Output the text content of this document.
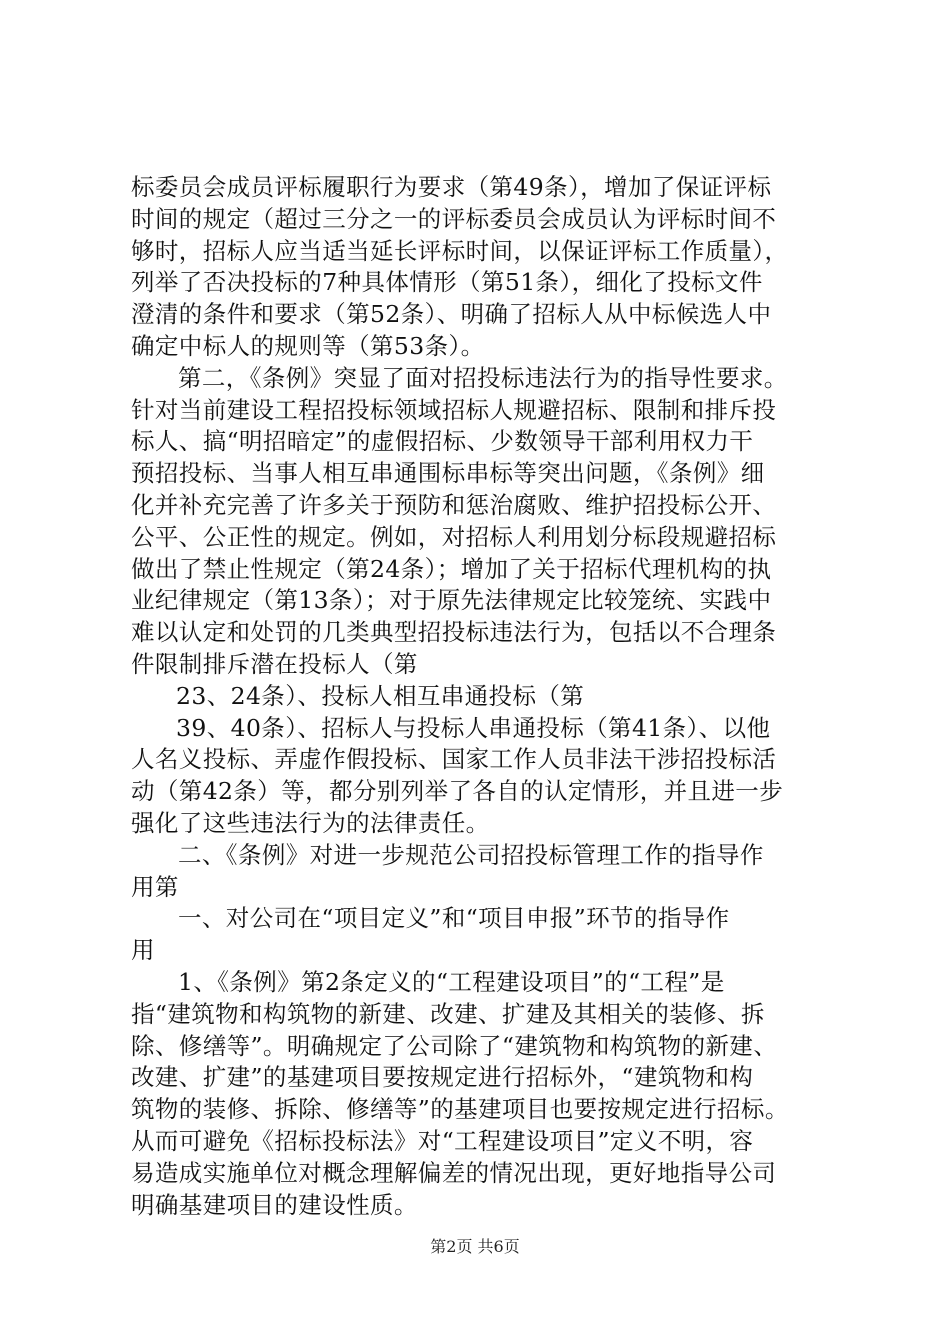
标委员会成员评标履职行为要求（第49条），增加了保证评标
时间的规定（超过三分之一的评标委员会成员认为评标时间不
够时，招标人应当适当延长评标时间，以保证评标工作质量），
列举了否决投标的7种具体情形（第51条），细化了投标文件
澄清的条件和要求（第52条）、明确了招标人从中标候选人中
确定中标人的规则等（第53条）。
第二，《条例》突显了面对招投标违法行为的指导性要求。
针对当前建设工程招投标领域招标人规避招标、限制和排斥投
标人、搞“明招暗定”的虚假招标、少数领导干部利用权力干
预招投标、当事人相互串通围标串标等突出问题，《条例》细
化并补充完善了许多关于预防和惩治腐败、维护招投标公开、
公平、公正性的规定。例如，对招标人利用划分标段规避招标
做出了禁止性规定（第24条）；增加了关于招标代理机构的执
业纪律规定（第13条）；对于原先法律规定比较笼统、实践中
难以认定和处罚的几类典型招投标违法行为，包括以不合理条
件限制排斥潜在投标人（第
23、24条）、投标人相互串通投标（第
39、40条）、招标人与投标人串通投标（第41条）、以他
人名义投标、弄虚作假投标、国家工作人员非法干涉招投标活
动（第42条）等，都分别列举了各自的认定情形，并且进一步
强化了这些违法行为的法律责任。
二、《条例》对进一步规范公司招投标管理工作的指导作
用第
一、对公司在“项目定义”和“项目申报”环节的指导作
用
1、《条例》第2条定义的“工程建设项目”的“工程”是
指“建筑物和构筑物的新建、改建、扩建及其相关的装修、拆
除、修缮等”。明确规定了公司除了“建筑物和构筑物的新建、
改建、扩建”的基建项目要按规定进行招标外，“建筑物和构
筑物的装修、拆除、修缮等”的基建项目也要按规定进行招标。
从而可避免《招标投标法》对“工程建设项目”定义不明，容
易造成实施单位对概念理解偏差的情况出现，更好地指导公司
明确基建项目的建设性质。
第2页 共6页
